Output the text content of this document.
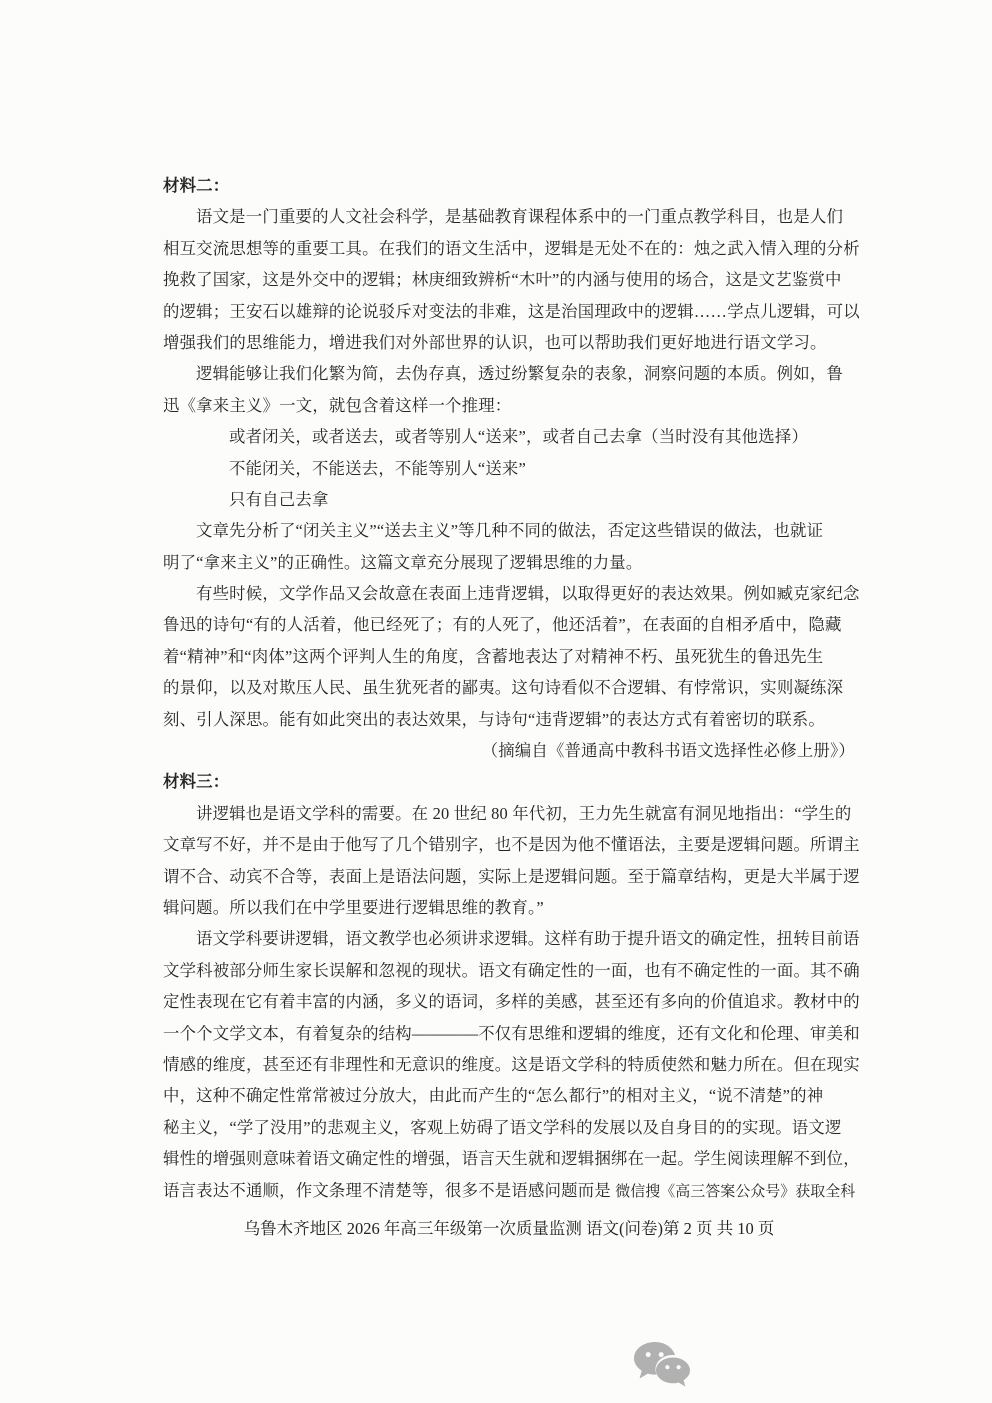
材料二：
语文是一门重要的人文社会科学，是基础教育课程体系中的一门重点教学科目，也是人们
相互交流思想等的重要工具。在我们的语文生活中，逻辑是无处不在的：烛之武入情入理的分析
挽救了国家，这是外交中的逻辑；林庚细致辨析“木叶”的内涵与使用的场合，这是文艺鉴赏中
的逻辑；王安石以雄辩的论说驳斥对变法的非难，这是治国理政中的逻辑……学点儿逻辑，可以
增强我们的思维能力，增进我们对外部世界的认识，也可以帮助我们更好地进行语文学习。
逻辑能够让我们化繁为简，去伪存真，透过纷繁复杂的表象，洞察问题的本质。例如，鲁
迅《拿来主义》一文，就包含着这样一个推理：
或者闭关，或者送去，或者等别人“送来”，或者自己去拿（当时没有其他选择）
不能闭关，不能送去，不能等别人“送来”
只有自己去拿
文章先分析了“闭关主义”“送去主义”等几种不同的做法，否定这些错误的做法，也就证
明了“拿来主义”的正确性。这篇文章充分展现了逻辑思维的力量。
有些时候，文学作品又会故意在表面上违背逻辑，以取得更好的表达效果。例如臧克家纪念
鲁迅的诗句“有的人活着，他已经死了；有的人死了，他还活着”，在表面的自相矛盾中，隐藏
着“精神”和“肉体”这两个评判人生的角度，含蓄地表达了对精神不朽、虽死犹生的鲁迅先生
的景仰，以及对欺压人民、虽生犹死者的鄙夷。这句诗看似不合逻辑、有悖常识，实则凝练深
刻、引人深思。能有如此突出的表达效果，与诗句“违背逻辑”的表达方式有着密切的联系。
（摘编自《普通高中教科书语文选择性必修上册》）
材料三：
讲逻辑也是语文学科的需要。在 20 世纪 80 年代初，王力先生就富有洞见地指出：“学生的
文章写不好，并不是由于他写了几个错别字，也不是因为他不懂语法，主要是逻辑问题。所谓主
谓不合、动宾不合等，表面上是语法问题，实际上是逻辑问题。至于篇章结构，更是大半属于逻
辑问题。所以我们在中学里要进行逻辑思维的教育。”
语文学科要讲逻辑，语文教学也必须讲求逻辑。这样有助于提升语文的确定性，扭转目前语
文学科被部分师生家长误解和忽视的现状。语文有确定性的一面，也有不确定性的一面。其不确
定性表现在它有着丰富的内涵，多义的语词，多样的美感，甚至还有多向的价值追求。教材中的
一个个文学文本，有着复杂的结构————不仅有思维和逻辑的维度，还有文化和伦理、审美和
情感的维度，甚至还有非理性和无意识的维度。这是语文学科的特质使然和魅力所在。但在现实
中，这种不确定性常常被过分放大，由此而产生的“怎么都行”的相对主义，“说不清楚”的神
秘主义，“学了没用”的悲观主义，客观上妨碍了语文学科的发展以及自身目的的实现。语文逻
辑性的增强则意味着语文确定性的增强，语言天生就和逻辑捆绑在一起。学生阅读理解不到位，
语言表达不通顺，作文条理不清楚等，很多不是语感问题而是 微信搜《高三答案公众号》获取全科
乌鲁木齐地区 2026 年高三年级第一次质量监测 语文(问卷)第 2 页 共 10 页
